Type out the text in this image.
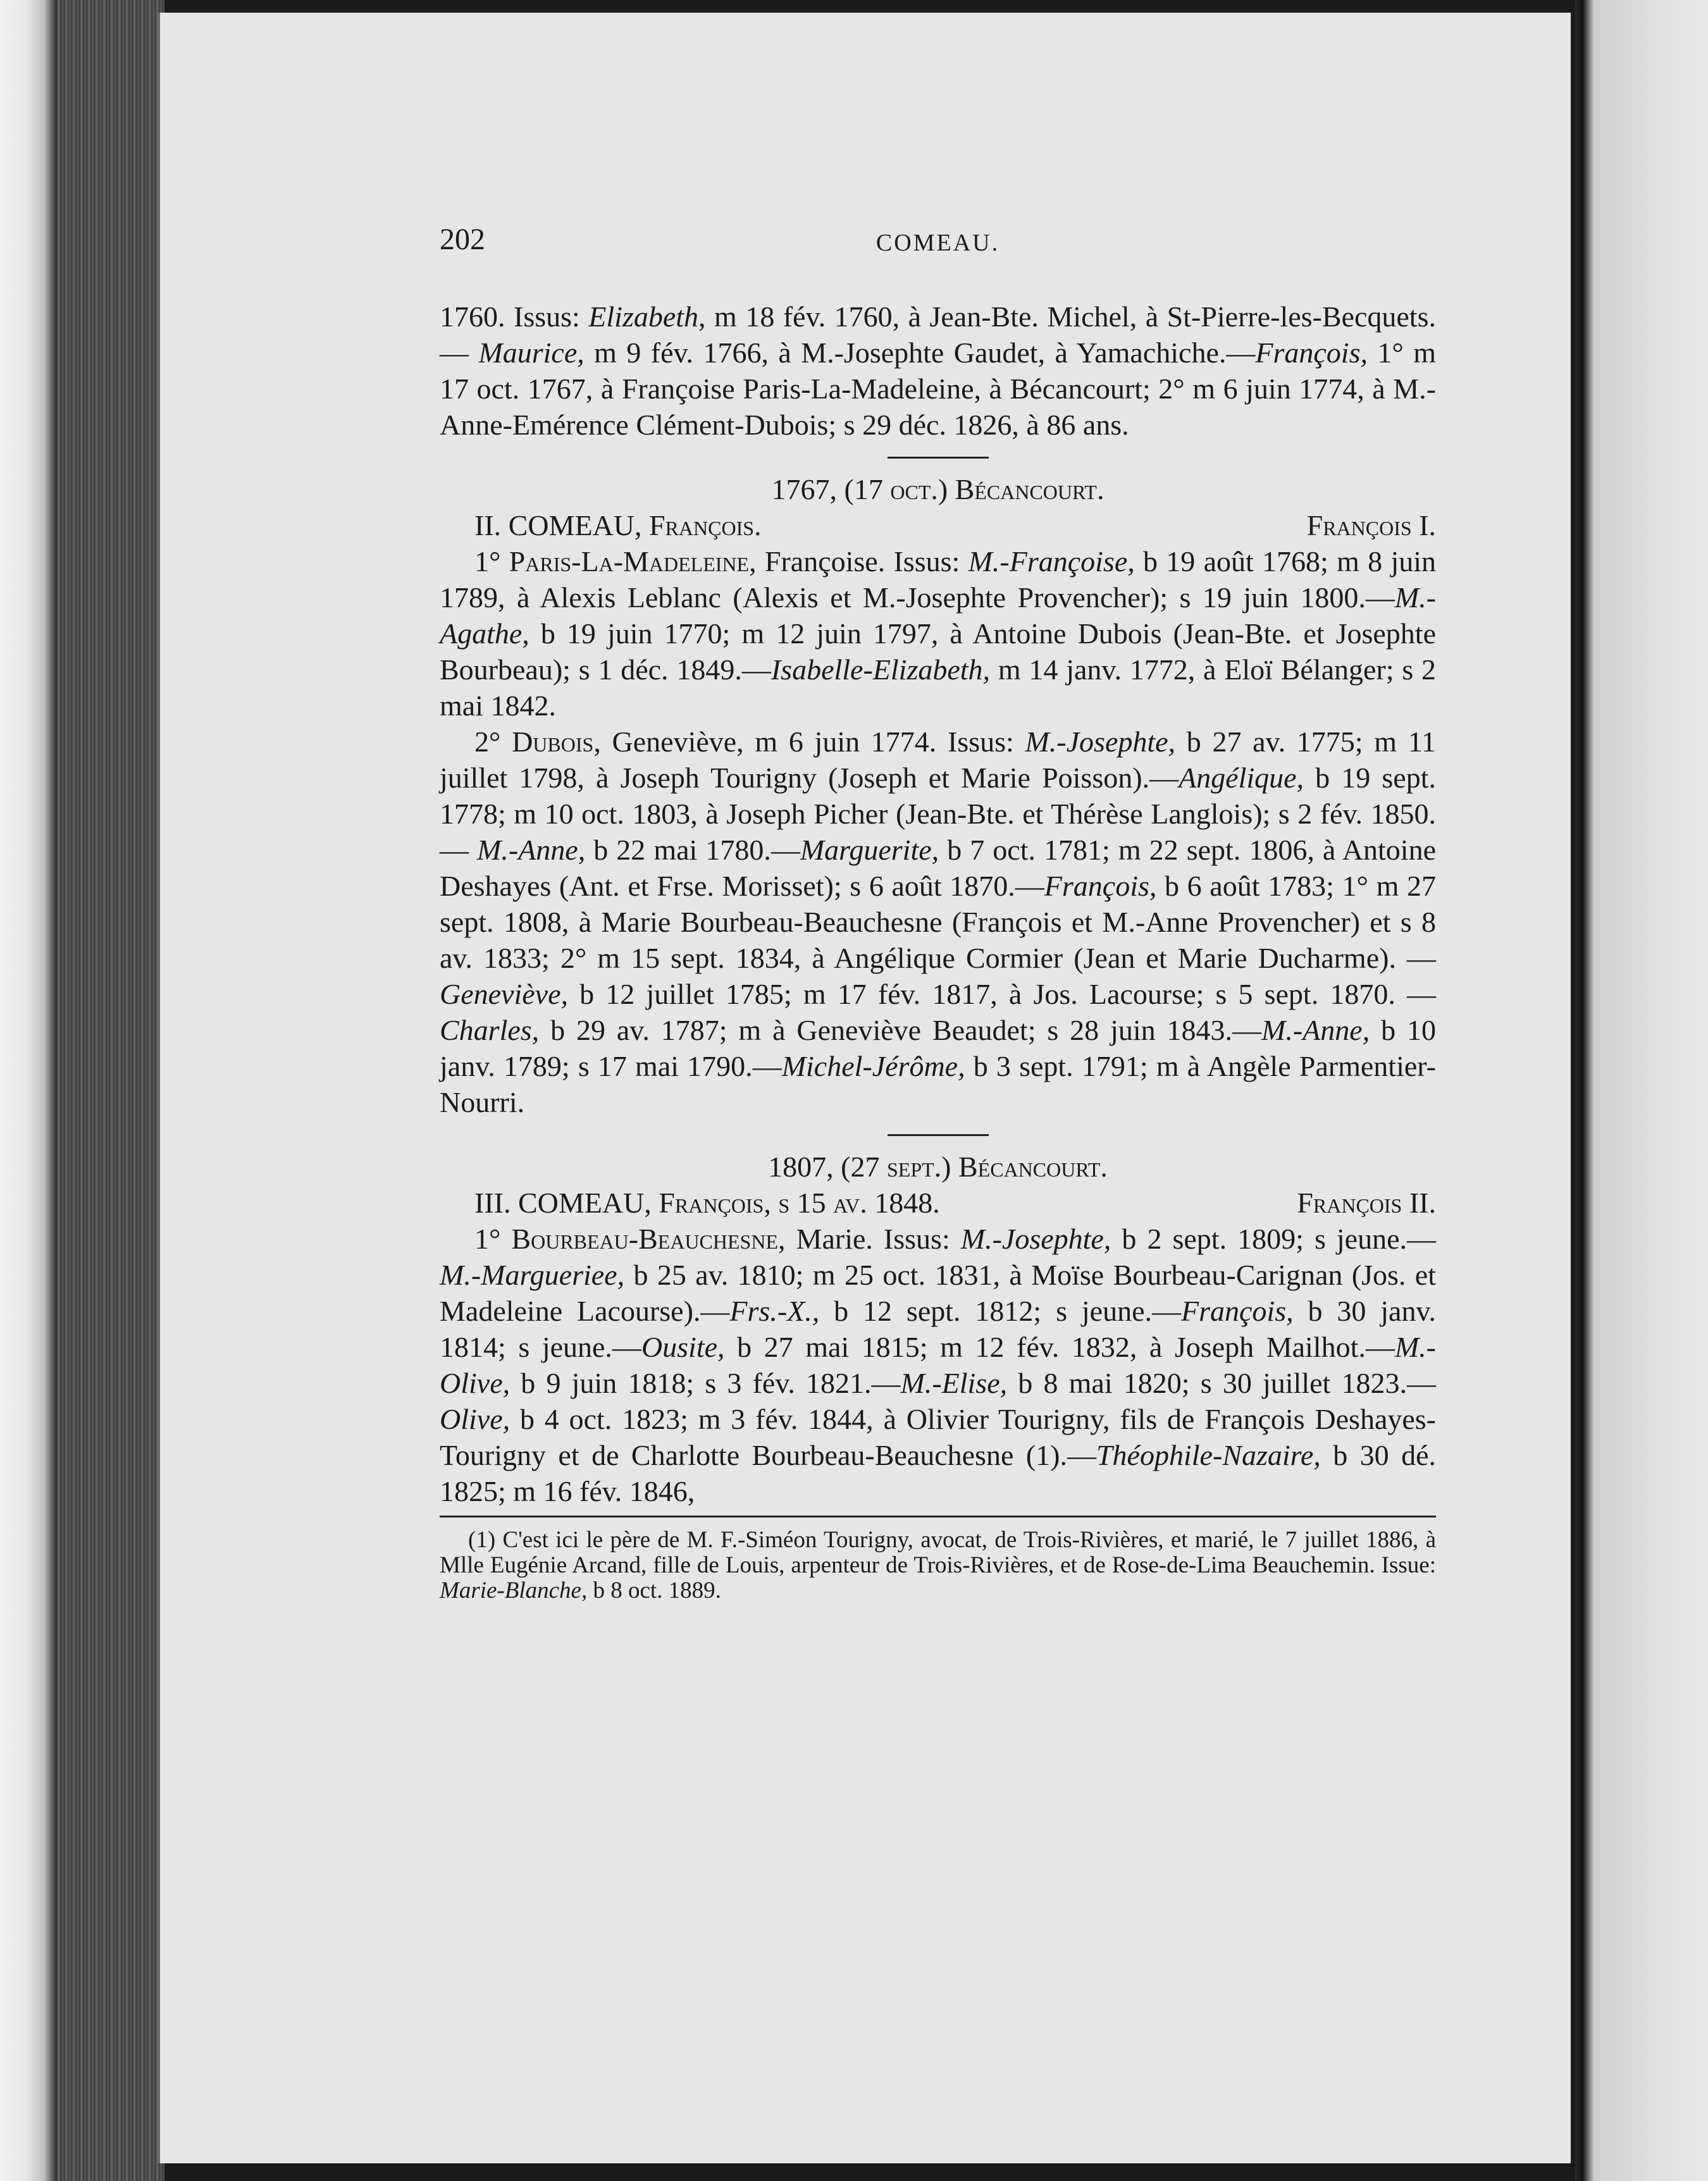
202	COMEAU.

1760. Issus: Elizabeth, m 18 fév. 1760, à Jean-Bte. Michel, à St-Pierre-les-Becquets.— Maurice, m 9 fév. 1766, à M.-Josephte Gaudet, à Yamachiche.—François, 1° m 17 oct. 1767, à Françoise Paris-La-Madeleine, à Bécancourt; 2° m 6 juin 1774, à M.-Anne-Emérence Clément-Dubois; s 29 déc. 1826, à 86 ans.

1767, (17 oct.) Bécancourt.

II. COMEAU, François.	François I.

1° Paris-La-Madeleine, Françoise. Issus: M.-Françoise, b 19 août 1768; m 8 juin 1789, à Alexis Leblanc (Alexis et M.-Josephte Provencher); s 19 juin 1800.—M.-Agathe, b 19 juin 1770; m 12 juin 1797, à Antoine Dubois (Jean-Bte. et Josephte Bourbeau); s 1 déc. 1849.—Isabelle-Elizabeth, m 14 janv. 1772, à Eloï Bélanger; s 2 mai 1842.

2° Dubois, Geneviève, m 6 juin 1774. Issus: M.-Josephte, b 27 av. 1775; m 11 juillet 1798, à Joseph Tourigny (Joseph et Marie Poisson).—Angélique, b 19 sept. 1778; m 10 oct. 1803, à Joseph Picher (Jean-Bte. et Thérèse Langlois); s 2 fév. 1850. — M.-Anne, b 22 mai 1780.—Marguerite, b 7 oct. 1781; m 22 sept. 1806, à Antoine Deshayes (Ant. et Frse. Morisset); s 6 août 1870.—François, b 6 août 1783; 1° m 27 sept. 1808, à Marie Bourbeau-Beauchesne (François et M.-Anne Provencher) et s 8 av. 1833; 2° m 15 sept. 1834, à Angélique Cormier (Jean et Marie Ducharme). — Geneviève, b 12 juillet 1785; m 17 fév. 1817, à Jos. Lacourse; s 5 sept. 1870. — Charles, b 29 av. 1787; m à Geneviève Beaudet; s 28 juin 1843.—M.-Anne, b 10 janv. 1789; s 17 mai 1790.—Michel-Jérôme, b 3 sept. 1791; m à Angèle Parmentier-Nourri.

1807, (27 sept.) Bécancourt.

III. COMEAU, François, s 15 av. 1848.	François II.

1° Bourbeau-Beauchesne, Marie. Issus: M.-Josephte, b 2 sept. 1809; s jeune.—M.-Margueriee, b 25 av. 1810; m 25 oct. 1831, à Moïse Bourbeau-Carignan (Jos. et Madeleine Lacourse).—Frs.-X., b 12 sept. 1812; s jeune.—François, b 30 janv. 1814; s jeune.—Ousite, b 27 mai 1815; m 12 fév. 1832, à Joseph Mailhot.—M.-Olive, b 9 juin 1818; s 3 fév. 1821.—M.-Elise, b 8 mai 1820; s 30 juillet 1823.—Olive, b 4 oct. 1823; m 3 fév. 1844, à Olivier Tourigny, fils de François Deshayes-Tourigny et de Charlotte Bourbeau-Beauchesne (1).—Théophile-Nazaire, b 30 dé. 1825; m 16 fév. 1846,

(1) C'est ici le père de M. F.-Siméon Tourigny, avocat, de Trois-Rivières, et marié, le 7 juillet 1886, à Mlle Eugénie Arcand, fille de Louis, arpenteur de Trois-Rivières, et de Rose-de-Lima Beauchemin. Issue: Marie-Blanche, b 8 oct. 1889.
